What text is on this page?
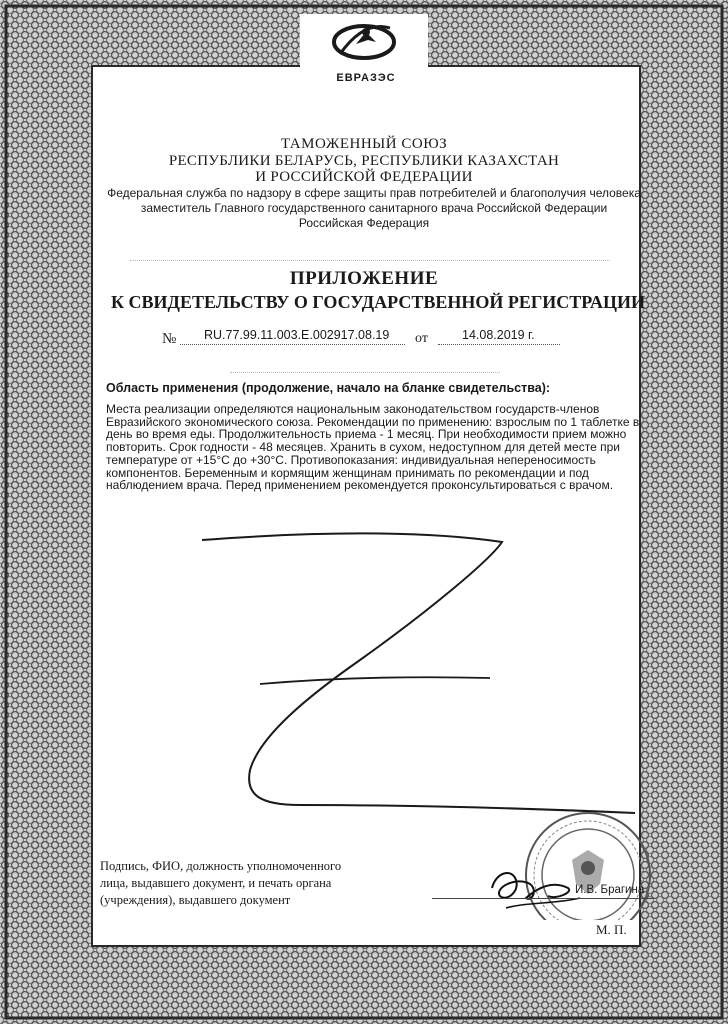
ЕВРАЗЭС
ТАМОЖЕННЫЙ СОЮЗ
РЕСПУБЛИКИ БЕЛАРУСЬ, РЕСПУБЛИКИ КАЗАХСТАН
И РОССИЙСКОЙ ФЕДЕРАЦИИ
Федеральная служба по надзору в сфере защиты прав потребителей и благополучия человека
заместитель Главного государственного санитарного врача Российской Федерации
Российская Федерация
ПРИЛОЖЕНИЕ
К СВИДЕТЕЛЬСТВУ О ГОСУДАРСТВЕННОЙ РЕГИСТРАЦИИ
№ RU.77.99.11.003.Е.002917.08.19 от	14.08.2019 г.
Область применения (продолжение, начало на бланке свидетельства):
Места реализации определяются национальным законодательством государств-членов
Евразийского экономического союза. Рекомендации по применению: взрослым по 1 таблетке в
день во время еды. Продолжительность приема - 1 месяц. При необходимости прием можно
повторить. Срок годности - 48 месяцев. Хранить в сухом, недоступном для детей месте при
температуре от +15°С до +30°С. Противопоказания: индивидуальная непереносимость
компонентов. Беременным и кормящим женщинам принимать по рекомендации и под
наблюдением врача. Перед применением рекомендуется проконсультироваться с врачом.
Подпись, ФИО, должность уполномоченного
лица, выдавшего документ, и печать органа
(учреждения), выдавшего документ
И.В. Брагина
М. П.
